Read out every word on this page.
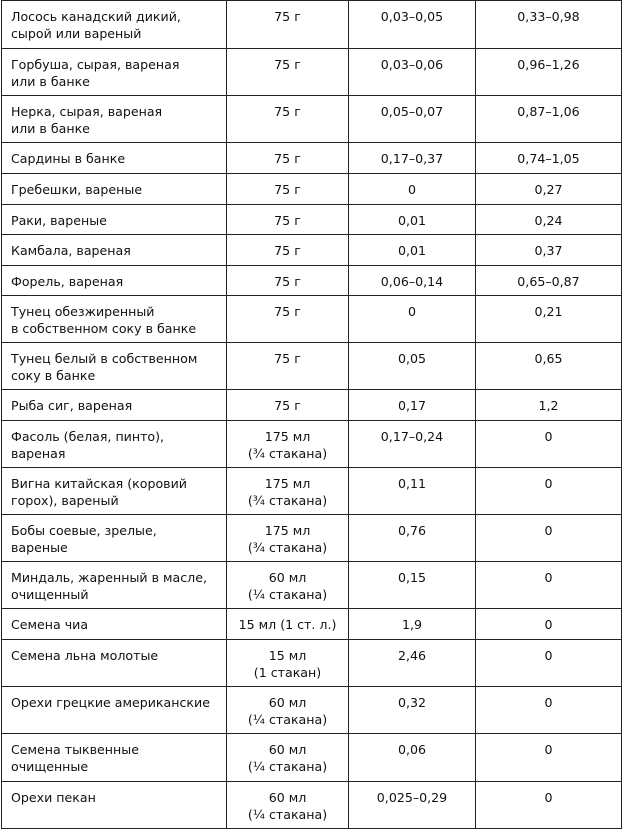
Лосось канадский дикий,
сырой или вареный	75 г	0,03–0,05	0,33–0,98
Горбуша, сырая, вареная
или в банке	75 г	0,03–0,06	0,96–1,26
Нерка, сырая, вареная
или в банке	75 г	0,05–0,07	0,87–1,06
Сардины в банке	75 г	0,17–0,37	0,74–1,05
Гребешки, вареные	75 г	0	0,27
Раки, вареные	75 г	0,01	0,24
Камбала, вареная	75 г	0,01	0,37
Форель, вареная	75 г	0,06–0,14	0,65–0,87
Тунец обезжиренный
в собственном соку в банке	75 г	0	0,21
Тунец белый в собственном
соку в банке	75 г	0,05	0,65
Рыба сиг, вареная	75 г	0,17	1,2
Фасоль (белая, пинто),
вареная	175 мл
(¾ стакана)	0,17–0,24	0
Вигна китайская (коровий
горох), вареный	175 мл
(¾ стакана)	0,11	0
Бобы соевые, зрелые,
вареные	175 мл
(¾ стакана)	0,76	0
Миндаль, жаренный в масле,
очищенный	60 мл
(¼ стакана)	0,15	0
Семена чиа	15 мл (1 ст. л.)	1,9	0
Семена льна молотые	15 мл
(1 стакан)	2,46	0
Орехи грецкие американские	60 мл
(¼ стакана)	0,32	0
Семена тыквенные
очищенные	60 мл
(¼ стакана)	0,06	0
Орехи пекан	60 мл
(¼ стакана)	0,025–0,29	0
